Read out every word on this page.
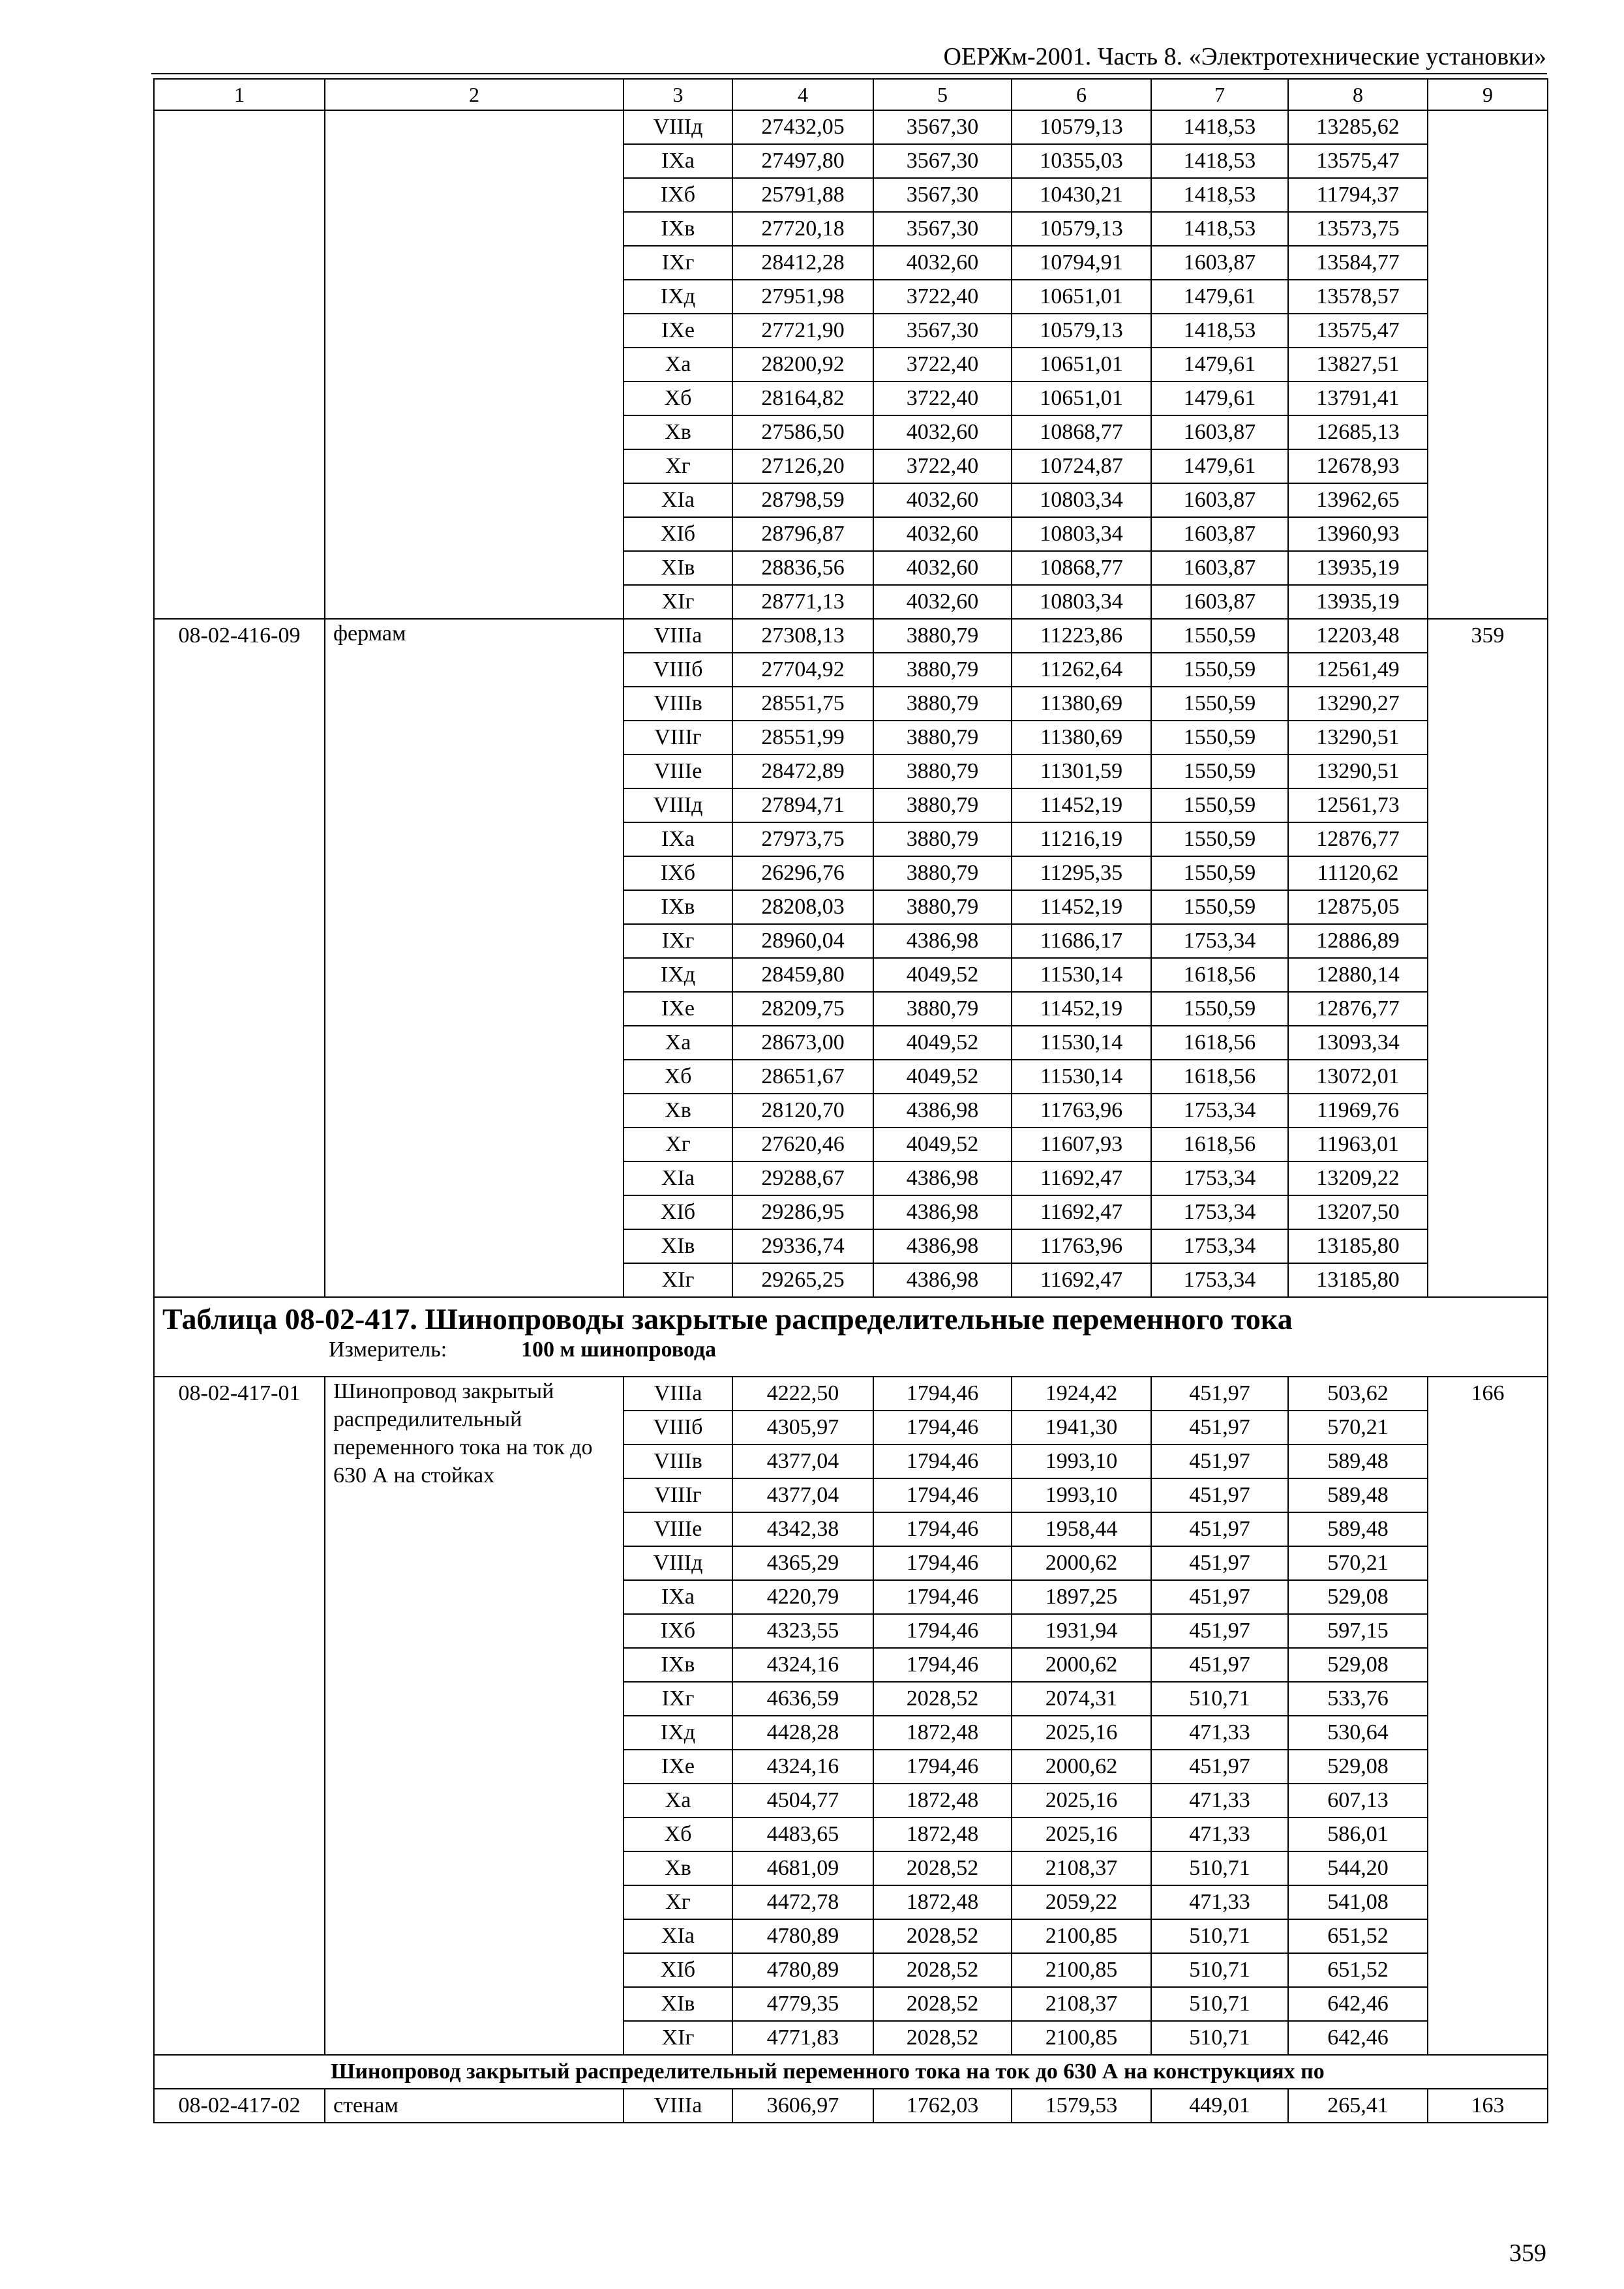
ОЕРЖм-2001. Часть 8. «Электротехнические установки»
1	2	3	4	5	6	7	8	9
		VIIIд	27432,05	3567,30	10579,13	1418,53	13285,62	
		IXа	27497,80	3567,30	10355,03	1418,53	13575,47	
		IXб	25791,88	3567,30	10430,21	1418,53	11794,37	
		IXв	27720,18	3567,30	10579,13	1418,53	13573,75	
		IXг	28412,28	4032,60	10794,91	1603,87	13584,77	
		IXд	27951,98	3722,40	10651,01	1479,61	13578,57	
		IXе	27721,90	3567,30	10579,13	1418,53	13575,47	
		Xа	28200,92	3722,40	10651,01	1479,61	13827,51	
		Xб	28164,82	3722,40	10651,01	1479,61	13791,41	
		Xв	27586,50	4032,60	10868,77	1603,87	12685,13	
		Xг	27126,20	3722,40	10724,87	1479,61	12678,93	
		XIа	28798,59	4032,60	10803,34	1603,87	13962,65	
		XIб	28796,87	4032,60	10803,34	1603,87	13960,93	
		XIв	28836,56	4032,60	10868,77	1603,87	13935,19	
		XIг	28771,13	4032,60	10803,34	1603,87	13935,19	
08-02-416-09	фермам	VIIIа	27308,13	3880,79	11223,86	1550,59	12203,48	359
		VIIIб	27704,92	3880,79	11262,64	1550,59	12561,49	
		VIIIв	28551,75	3880,79	11380,69	1550,59	13290,27	
		VIIIг	28551,99	3880,79	11380,69	1550,59	13290,51	
		VIIIе	28472,89	3880,79	11301,59	1550,59	13290,51	
		VIIIд	27894,71	3880,79	11452,19	1550,59	12561,73	
		IXа	27973,75	3880,79	11216,19	1550,59	12876,77	
		IXб	26296,76	3880,79	11295,35	1550,59	11120,62	
		IXв	28208,03	3880,79	11452,19	1550,59	12875,05	
		IXг	28960,04	4386,98	11686,17	1753,34	12886,89	
		IXд	28459,80	4049,52	11530,14	1618,56	12880,14	
		IXе	28209,75	3880,79	11452,19	1550,59	12876,77	
		Xа	28673,00	4049,52	11530,14	1618,56	13093,34	
		Xб	28651,67	4049,52	11530,14	1618,56	13072,01	
		Xв	28120,70	4386,98	11763,96	1753,34	11969,76	
		Xг	27620,46	4049,52	11607,93	1618,56	11963,01	
		XIа	29288,67	4386,98	11692,47	1753,34	13209,22	
		XIб	29286,95	4386,98	11692,47	1753,34	13207,50	
		XIв	29336,74	4386,98	11763,96	1753,34	13185,80	
		XIг	29265,25	4386,98	11692,47	1753,34	13185,80	

Таблица 08-02-417. Шинопроводы закрытые распределительные переменного тока
Измеритель: 100 м шинопровода								

08-02-417-01	Шинопровод закрытый распредилительный переменного тока на ток до 630 А на стойках	VIIIа	4222,50	1794,46	1924,42	451,97	503,62	166
		VIIIб	4305,97	1794,46	1941,30	451,97	570,21	
		VIIIв	4377,04	1794,46	1993,10	451,97	589,48	
		VIIIг	4377,04	1794,46	1993,10	451,97	589,48	
		VIIIе	4342,38	1794,46	1958,44	451,97	589,48	
		VIIIд	4365,29	1794,46	2000,62	451,97	570,21	
		IXа	4220,79	1794,46	1897,25	451,97	529,08	
		IXб	4323,55	1794,46	1931,94	451,97	597,15	
		IXв	4324,16	1794,46	2000,62	451,97	529,08	
		IXг	4636,59	2028,52	2074,31	510,71	533,76	
		IXд	4428,28	1872,48	2025,16	471,33	530,64	
		IXе	4324,16	1794,46	2000,62	451,97	529,08	
		Xа	4504,77	1872,48	2025,16	471,33	607,13	
		Xб	4483,65	1872,48	2025,16	471,33	586,01	
		Xв	4681,09	2028,52	2108,37	510,71	544,20	
		Xг	4472,78	1872,48	2059,22	471,33	541,08	
		XIа	4780,89	2028,52	2100,85	510,71	651,52	
		XIб	4780,89	2028,52	2100,85	510,71	651,52	
		XIв	4779,35	2028,52	2108,37	510,71	642,46	
		XIг	4771,83	2028,52	2100,85	510,71	642,46	
Шинопровод закрытый распределительный переменного тока на ток до 630 А на конструкциях по								
08-02-417-02	стенам	VIIIа	3606,97	1762,03	1579,53	449,01	265,41	163
359
